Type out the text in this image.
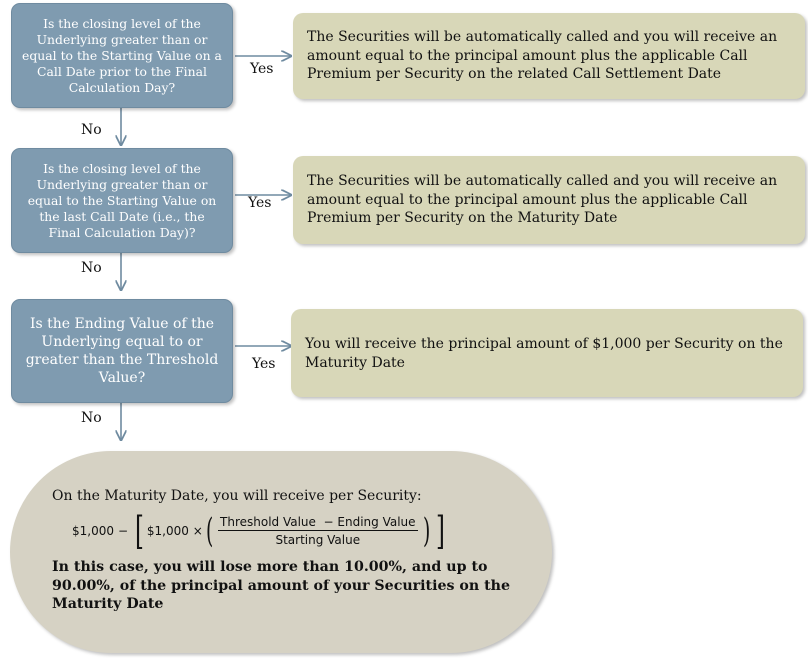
Is the closing level of the Underlying greater than or equal to the Starting Value on a Call Date prior to the Final Calculation Day?
Yes
The Securities will be automatically called and you will receive an amount equal to the principal amount plus the applicable Call Premium per Security on the related Call Settlement Date
No
Is the closing level of the Underlying greater than or equal to the Starting Value on the last Call Date (i.e., the Final Calculation Day)?
Yes
The Securities will be automatically called and you will receive an amount equal to the principal amount plus the applicable Call Premium per Security on the Maturity Date
No
Is the Ending Value of the Underlying equal to or greater than the Threshold Value?
Yes
You will receive the principal amount of $1,000 per Security on the Maturity Date
No
On the Maturity Date, you will receive per Security:
$1,000 − [ $1,000 × ( $\frac{\text{Threshold Value  − Ending Value}}{\text{Starting Value}}$ ) ]
In this case, you will lose more than 10.00%, and up to 90.00%, of the principal amount of your Securities on the Maturity Date
